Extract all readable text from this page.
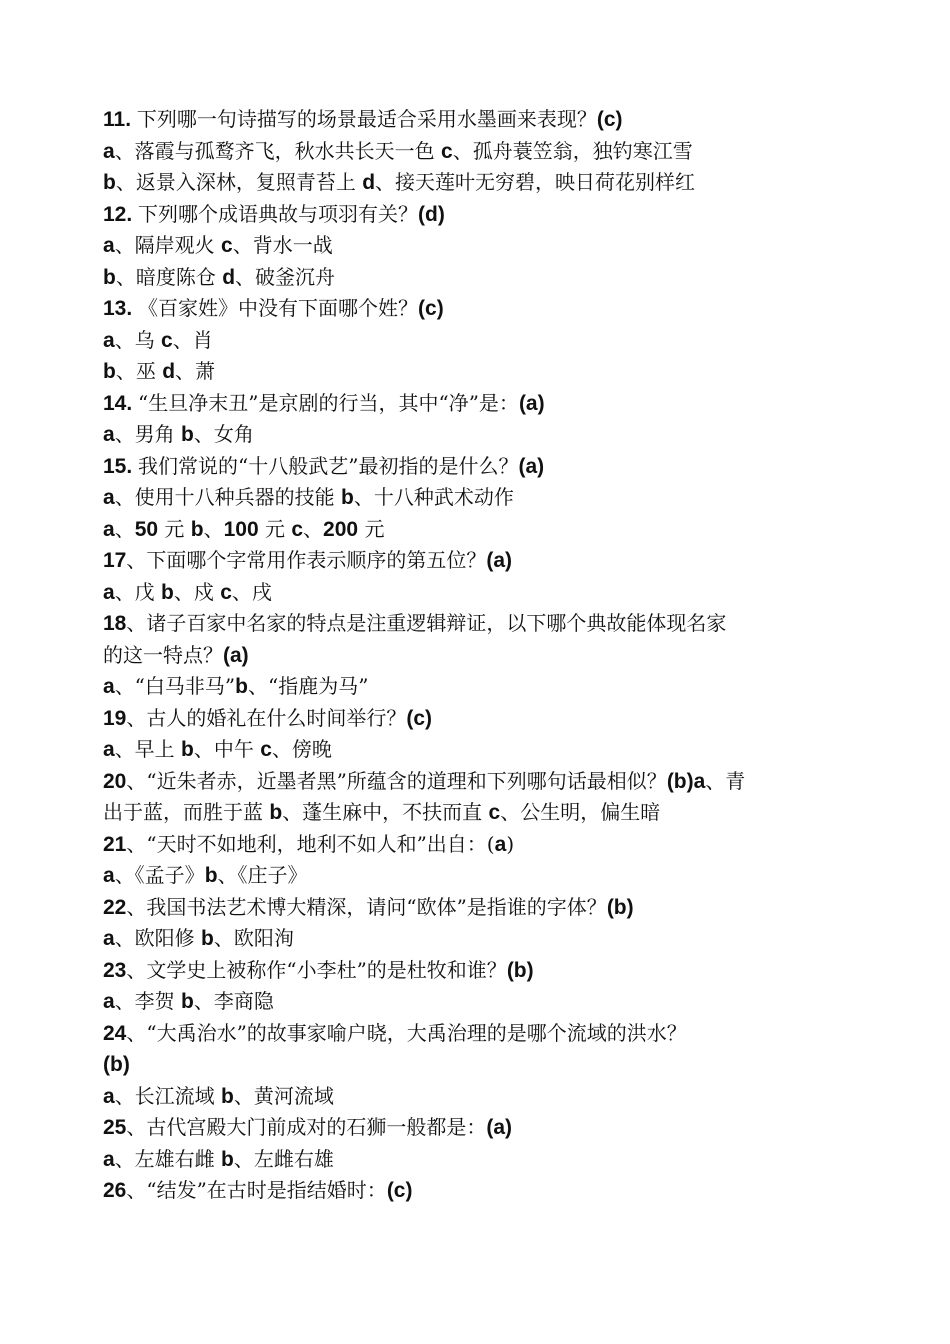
11. 下列哪一句诗描写的场景最适合采用水墨画来表现？(c)
a、落霞与孤鹜齐飞，秋水共长天一色 c、孤舟蓑笠翁，独钓寒江雪
b、返景入深林，复照青苔上 d、接天莲叶无穷碧，映日荷花别样红
12. 下列哪个成语典故与项羽有关？(d)
a、隔岸观火 c、背水一战
b、暗度陈仓 d、破釜沉舟
13. 《百家姓》中没有下面哪个姓？(c)
a、乌 c、肖
b、巫 d、萧
14. “生旦净末丑”是京剧的行当，其中“净”是：(a)
a、男角 b、女角
15. 我们常说的“十八般武艺”最初指的是什么？(a)
a、使用十八种兵器的技能 b、十八种武术动作
a、50 元 b、100 元 c、200 元
17、下面哪个字常用作表示顺序的第五位？(a)
a、戊 b、戍 c、戌
18、诸子百家中名家的特点是注重逻辑辩证，以下哪个典故能体现名家
的这一特点？(a)
a、“白马非马”b、“指鹿为马”
19、古人的婚礼在什么时间举行？(c)
a、早上 b、中午 c、傍晚
20、“近朱者赤，近墨者黑”所蕴含的道理和下列哪句话最相似？(b)a、青
出于蓝，而胜于蓝 b、蓬生麻中，不扶而直 c、公生明，偏生暗
21、“天时不如地利，地利不如人和”出自：(a)
a、《孟子》b、《庄子》
22、我国书法艺术博大精深，请问“欧体”是指谁的字体？(b)
a、欧阳修 b、欧阳洵
23、文学史上被称作“小李杜”的是杜牧和谁？(b)
a、李贺 b、李商隐
24、“大禹治水”的故事家喻户晓，大禹治理的是哪个流域的洪水？
(b)
a、长江流域 b、黄河流域
25、古代宫殿大门前成对的石狮一般都是：(a)
a、左雄右雌 b、左雌右雄
26、“结发”在古时是指结婚时：(c)
